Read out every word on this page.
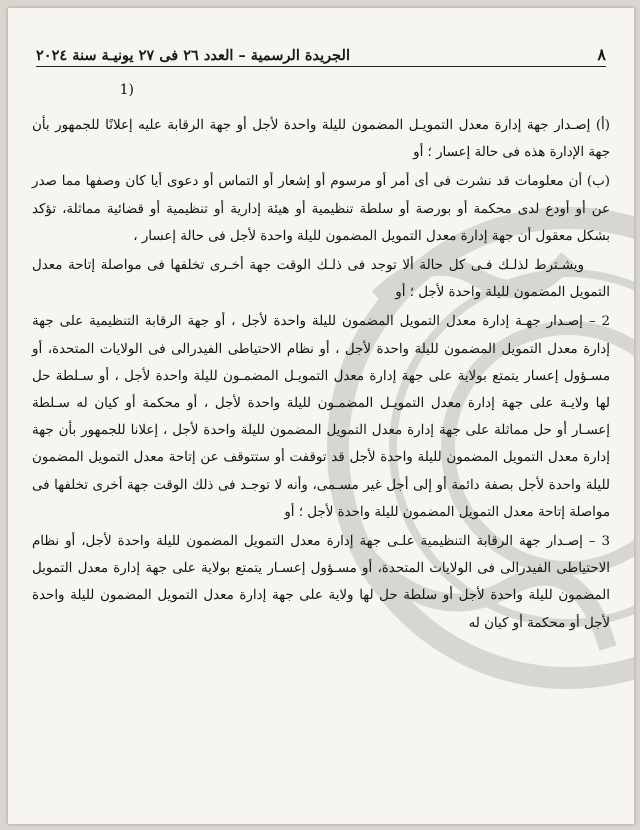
٨
الجريدة الرسمية – العدد ٢٦ فى ٢٧ يونيـة سنة ٢٠٢٤
(1

(أ) إصـدار جهة إدارة معدل التمويـل المضمون لليلة واحدة لأجل أو جهة الرقابة عليه إعلانًا للجمهور بأن جهة الإدارة هذه فى حالة إعسار ؛ أو

(ب) أن معلومات قد نشرت فى أى أمر أو مرسوم أو إشعار أو التماس أو دعوى أيا كان وصفها مما صدر عن أو أودع لدى محكمة أو بورصة أو سلطة تنظيمية أو هيئة إدارية أو تنظيمية أو قضائية مماثلة، تؤكد بشكل معقول أن جهة إدارة معدل التمويل المضمون لليلة واحدة لأجل فى حالة إعسار ،

ويشـترط لذلـك فـى كل حالة ألا توجد فى ذلـك الوقت جهة أخـرى تخلفها فى مواصلة إتاحة معدل التمويل المضمون لليلة واحدة لأجل ؛ أو

2 – إصـدار جهـة إدارة معدل التمويل المضمون لليلة واحدة لأجل ، أو جهة الرقابة التنظيمية على جهة إدارة معدل التمويل المضمون لليلة واحدة لأجل ، أو نظام الاحتياطى الفيدرالى فى الولايات المتحدة، أو مسـؤول إعسار يتمتع بولاية على جهة إدارة معدل التمويـل المضمـون لليلة واحدة لأجل ، أو سـلطة حل لها ولايـة على جهة إدارة معدل التمويـل المضمـون لليلة واحدة لأجل ، أو محكمة أو كيان له سـلطة إعسـار أو حل مماثلة على جهة إدارة معدل التمويل المضمون لليلة واحدة لأجل ، إعلانا للجمهور بأن جهة إدارة معدل التمويل المضمون لليلة واحدة لأجل قد توقفت أو ستتوقف عن إتاحة معدل التمويل المضمون لليلة واحدة لأجل بصفة دائمة أو إلى أجل غير مسـمى، وأنه لا توجـد فى ذلك الوقت جهة أخرى تخلفها فى مواصلة إتاحة معدل التمويل المضمون لليلة واحدة لأجل ؛ أو

3 – إصـدار جهة الرقابة التنظيمية علـى جهة إدارة معدل التمويل المضمون لليلة واحدة لأجل، أو نظام الاحتياطى الفيدرالى فى الولايات المتحدة، أو مسـؤول إعسـار يتمتع بولاية على جهة إدارة معدل التمويل المضمون لليلة واحدة لأجل أو سلطة حل لها ولاية على جهة إدارة معدل التمويل المضمون لليلة واحدة لأجل أو محكمة أو كيان له
